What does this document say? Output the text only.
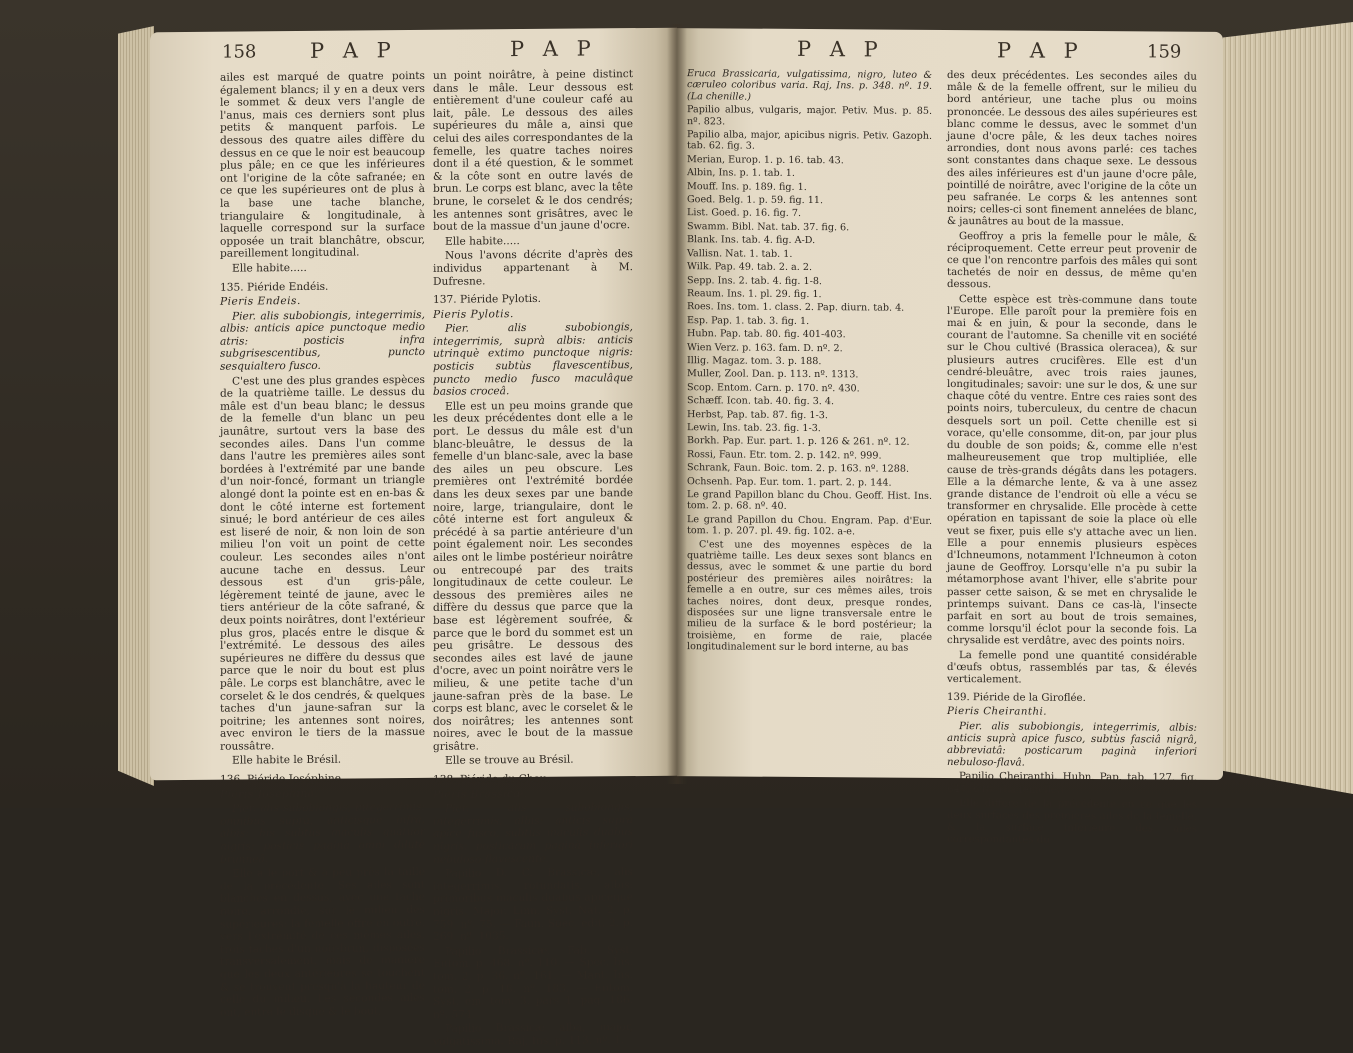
158	P A P	P A P

ailes est marqué de quatre points également blancs; il y en a deux vers le sommet & deux vers l'angle de l'anus, mais ces derniers sont plus petits & manquent parfois. Le dessous des quatre ailes diffère du dessus en ce que le noir est beaucoup plus pâle; en ce que les inférieures ont l'origine de la côte safranée; en ce que les supérieures ont de plus à la base une tache blanche, triangulaire & longitudinale, à laquelle correspond sur la surface opposée un trait blanchâtre, obscur, pareillement longitudinal.

Elle habite.....

135. Piéride Endéis.

Pieris Endeis.

Pier. alis subobiongis, integerrimis, albis: anticis apice punctoque medio atris: posticis infra subgrisescentibus, puncto sesquialtero fusco.

C'est une des plus grandes espèces de la quatrième taille. Le dessus du mâle est d'un beau blanc; le dessus de la femelle d'un blanc un peu jaunâtre, surtout vers la base des secondes ailes. Dans l'un comme dans l'autre les premières ailes sont bordées à l'extrémité par une bande d'un noir-foncé, formant un triangle alongé dont la pointe est en en-bas & dont le côté interne est fortement sinué; le bord antérieur de ces ailes est liseré de noir, & non loin de son milieu l'on voit un point de cette couleur. Les secondes ailes n'ont aucune tache en dessus. Leur dessous est d'un gris-pâle, légèrement teinté de jaune, avec le tiers antérieur de la côte safrané, & deux points noirâtres, dont l'extérieur plus gros, placés entre le disque & l'extrémité. Le dessous des ailes supérieures ne diffère du dessus que parce que le noir du bout est plus pâle. Le corps est blanchâtre, avec le corselet & le dos cendrés, & quelques taches d'un jaune-safran sur la poitrine; les antennes sont noires, avec environ le tiers de la massue roussâtre.

Elle habite le Brésil.

136. Piéride Joséphine.

Pieris Josephina.

Pier. alis subobiongis, integerrimis: omnibus suprà, anticisque infrà, albis: his subtùs maculis quatuor nigris; posticis paginà omni dilutè brunneâ.

Elle a le port & à peu près la taille de la précédente. Ses ailes sont blanches en dessus, avec une tache noire, arrondie, sur le milieu des supérieures: la femelle offre en outre, vers l'extrémité de ces mêmes ailes, trois taches d'un noir-brun, disposées transversalement, mais de manière que les deux antérieures se touchent & se trouvent presqu'à la hauteur de celle du milieu. Les secondes ailes ont, entre le disque & le bout,

un point noirâtre, à peine distinct dans le mâle. Leur dessous est entièrement d'une couleur café au lait, pâle. Le dessous des ailes supérieures du mâle a, ainsi que celui des ailes correspondantes de la femelle, les quatre taches noires dont il a été question, & le sommet & la côte sont en outre lavés de brun. Le corps est blanc, avec la tête brune, le corselet & le dos cendrés; les antennes sont grisâtres, avec le bout de la massue d'un jaune d'ocre.

Elle habite.....

Nous l'avons décrite d'après des individus appartenant à M. Dufresne.

137. Piéride Pylotis.

Pieris Pylotis.

Pier. alis subobiongis, integerrimis, suprà albis: anticis utrinquè extimo punctoque nigris: posticis subtùs flavescentibus, puncto medio fusco maculâque basios croceâ.

Elle est un peu moins grande que les deux précédentes dont elle a le port. Le dessus du mâle est d'un blanc-bleuâtre, le dessus de la femelle d'un blanc-sale, avec la base des ailes un peu obscure. Les premières ont l'extrémité bordée dans les deux sexes par une bande noire, large, triangulaire, dont le côté interne est fort anguleux & précédé à sa partie antérieure d'un point également noir. Les secondes ailes ont le limbe postérieur noirâtre ou entrecoupé par des traits longitudinaux de cette couleur. Le dessous des premières ailes ne diffère du dessus que parce que la base est légèrement soufrée, & parce que le bord du sommet est un peu grisâtre. Le dessous des secondes ailes est lavé de jaune d'ocre, avec un point noirâtre vers le milieu, & une petite tache d'un jaune-safran près de la base. Le corps est blanc, avec le corselet & le dos noirâtres; les antennes sont noires, avec le bout de la massue grisâtre.

Elle se trouve au Brésil.

138. Piéride du Chou.

Pieris Brassicæ.

Pier. alis subobiongis, integerrimis, albis: anticis suprà apice fusco, subtùs maculis duabus nigris: posticarum paginà inferiori nebuloso-flavescente.

Papilio D. C. Brassicæ, alis integerrimis, rotundatis, albis: primoribus maculis duabus apiceque nigris. Major. Linn. Syst. Nat. 2. p. 759. nº. 75. — Faun. Suec. edit. 2. p. 269. nº. 1035.

Papilio Brassicæ. Fab. Syst. Entom. p. 468. nº. 110. — Spec. Ins. tom. 2. p. 36. nº. 161. — Mant. Ins. tom. 2. p. 18. nº. 183. — Entom. Syst. em. tom. 3. pars 1. pag. 186. nº. 574.

Papilio Brassicæ alba, major, vulgatissima. Raj, Ins. p. 113. nº. 1.

P A P	P A P	159

Eruca Brassicaria, vulgatissima, nigro, luteo & cæruleo coloribus varia. Raj, Ins. p. 348. nº. 19. (La chenille.)

Papilio albus, vulgaris, major. Petiv. Mus. p. 85. nº. 823.

Papilio alba, major, apicibus nigris. Petiv. Gazoph. tab. 62. fig. 3.

Merian, Europ. 1. p. 16. tab. 43.

Albin, Ins. p. 1. tab. 1.

Mouff. Ins. p. 189. fig. 1.

Goed. Belg. 1. p. 59. fig. 11.

List. Goed. p. 16. fig. 7.

Swamm. Bibl. Nat. tab. 37. fig. 6.

Blank. Ins. tab. 4. fig. A-D.

Vallisn. Nat. 1. tab. 1.

Wilk. Pap. 49. tab. 2. a. 2.

Sepp. Ins. 2. tab. 4. fig. 1-8.

Reaum. Ins. 1. pl. 29. fig. 1.

Roes. Ins. tom. 1. class. 2. Pap. diurn. tab. 4.

Esp. Pap. 1. tab. 3. fig. 1.

Hubn. Pap. tab. 80. fig. 401-403.

Wien Verz. p. 163. fam. D. nº. 2.

Illig. Magaz. tom. 3. p. 188.

Muller, Zool. Dan. p. 113. nº. 1313.

Scop. Entom. Carn. p. 170. nº. 430.

Schæff. Icon. tab. 40. fig. 3. 4.

Herbst, Pap. tab. 87. fig. 1-3.

Lewin, Ins. tab. 23. fig. 1-3.

Borkh. Pap. Eur. part. 1. p. 126 & 261. nº. 12.

Rossi, Faun. Etr. tom. 2. p. 142. nº. 999.

Schrank, Faun. Boic. tom. 2. p. 163. nº. 1288.

Ochsenh. Pap. Eur. tom. 1. part. 2. p. 144.

Le grand Papillon blanc du Chou. Geoff. Hist. Ins. tom. 2. p. 68. nº. 40.

Le grand Papillon du Chou. Engram. Pap. d'Eur. tom. 1. p. 207. pl. 49. fig. 102. a-e.

C'est une des moyennes espèces de la quatrième taille. Les deux sexes sont blancs en dessus, avec le sommet & une partie du bord postérieur des premières ailes noirâtres: la femelle a en outre, sur ces mêmes ailes, trois taches noires, dont deux, presque rondes, disposées sur une ligne transversale entre le milieu de la surface & le bord postérieur; la troisième, en forme de raie, placée longitudinalement sur le bord interne, au bas

des deux précédentes. Les secondes ailes du mâle & de la femelle offrent, sur le milieu du bord antérieur, une tache plus ou moins prononcée. Le dessous des ailes supérieures est blanc comme le dessus, avec le sommet d'un jaune d'ocre pâle, & les deux taches noires arrondies, dont nous avons parlé: ces taches sont constantes dans chaque sexe. Le dessous des ailes inférieures est d'un jaune d'ocre pâle, pointillé de noirâtre, avec l'origine de la côte un peu safranée. Le corps & les antennes sont noirs; celles-ci sont finement annelées de blanc, & jaunâtres au bout de la massue.

Geoffroy a pris la femelle pour le mâle, & réciproquement. Cette erreur peut provenir de ce que l'on rencontre parfois des mâles qui sont tachetés de noir en dessus, de même qu'en dessous.

Cette espèce est très-commune dans toute l'Europe. Elle paroît pour la première fois en mai & en juin, & pour la seconde, dans le courant de l'automne. Sa chenille vit en société sur le Chou cultivé (Brassica oleracea), & sur plusieurs autres crucifères. Elle est d'un cendré-bleuâtre, avec trois raies jaunes, longitudinales; savoir: une sur le dos, & une sur chaque côté du ventre. Entre ces raies sont des points noirs, tuberculeux, du centre de chacun desquels sort un poil. Cette chenille est si vorace, qu'elle consomme, dit-on, par jour plus du double de son poids; &, comme elle n'est malheureusement que trop multipliée, elle cause de très-grands dégâts dans les potagers. Elle a la démarche lente, & va à une assez grande distance de l'endroit où elle a vécu se transformer en chrysalide. Elle procède à cette opération en tapissant de soie la place où elle veut se fixer, puis elle s'y attache avec un lien. Elle a pour ennemis plusieurs espèces d'Ichneumons, notamment l'Ichneumon à coton jaune de Geoffroy. Lorsqu'elle n'a pu subir la métamorphose avant l'hiver, elle s'abrite pour passer cette saison, & se met en chrysalide le printemps suivant. Dans ce cas-là, l'insecte parfait en sort au bout de trois semaines, comme lorsqu'il éclot pour la seconde fois. La chrysalide est verdâtre, avec des points noirs.

La femelle pond une quantité considérable d'œufs obtus, rassemblés par tas, & élevés verticalement.

139. Piéride de la Giroflée.

Pieris Cheiranthi.

Pier. alis subobiongis, integerrimis, albis: anticis suprà apice fusco, subtùs fasciâ nigrâ, abbreviatâ: posticarum paginà inferiori nebuloso-flavâ.

Papilio Cheiranthi. Hubn. Pap. tab. 127. fig. 647. 648. (La femelle.)

Elle diffère de la précédente en ce que les deux surfaces des premières ailes de la femelle, & la surface inférieure des ailes correspondantes du
